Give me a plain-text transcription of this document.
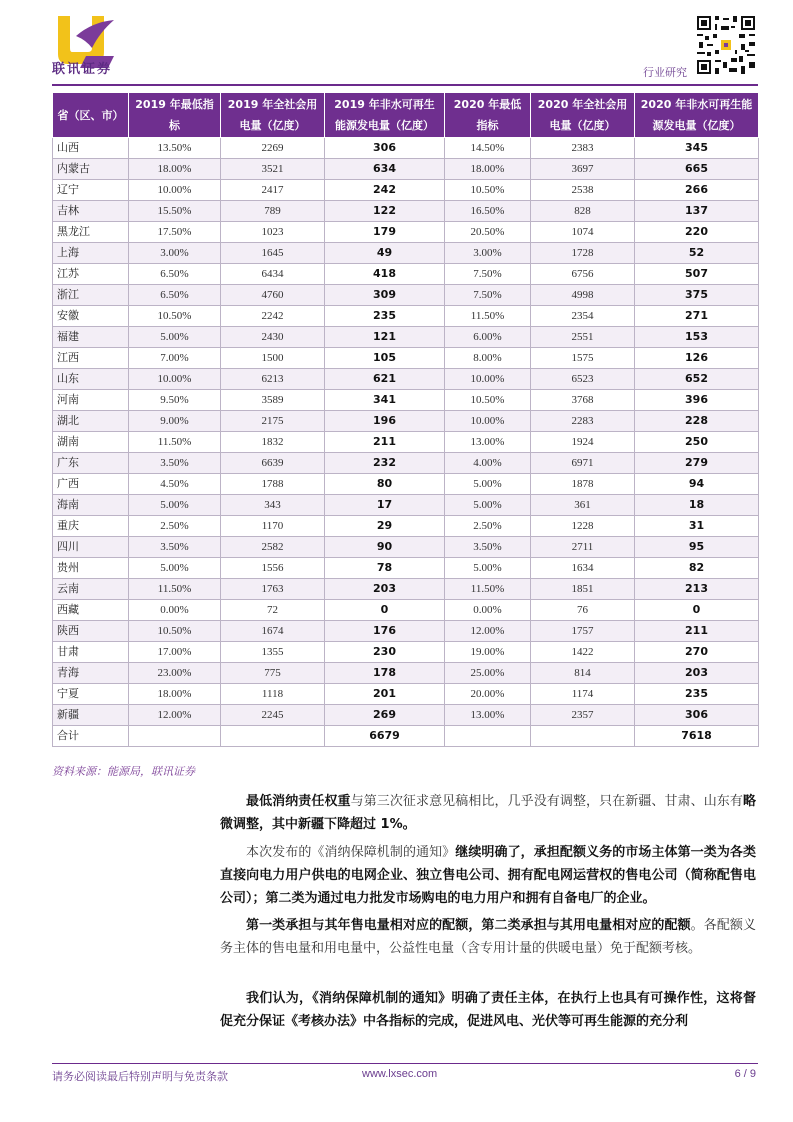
联讯证券	行业研究
省（区、市）	2019 年最低指标	2019 年全社会用电量（亿度）	2019 年非水可再生能源发电量（亿度）	2020 年最低指标	2020 年全社会用电量（亿度）	2020 年非水可再生能源发电量（亿度）
山西	13.50%	2269	306	14.50%	2383	345
内蒙古	18.00%	3521	634	18.00%	3697	665
辽宁	10.00%	2417	242	10.50%	2538	266
吉林	15.50%	789	122	16.50%	828	137
黑龙江	17.50%	1023	179	20.50%	1074	220
上海	3.00%	1645	49	3.00%	1728	52
江苏	6.50%	6434	418	7.50%	6756	507
浙江	6.50%	4760	309	7.50%	4998	375
安徽	10.50%	2242	235	11.50%	2354	271
福建	5.00%	2430	121	6.00%	2551	153
江西	7.00%	1500	105	8.00%	1575	126
山东	10.00%	6213	621	10.00%	6523	652
河南	9.50%	3589	341	10.50%	3768	396
湖北	9.00%	2175	196	10.00%	2283	228
湖南	11.50%	1832	211	13.00%	1924	250
广东	3.50%	6639	232	4.00%	6971	279
广西	4.50%	1788	80	5.00%	1878	94
海南	5.00%	343	17	5.00%	361	18
重庆	2.50%	1170	29	2.50%	1228	31
四川	3.50%	2582	90	3.50%	2711	95
贵州	5.00%	1556	78	5.00%	1634	82
云南	11.50%	1763	203	11.50%	1851	213
西藏	0.00%	72	0	0.00%	76	0
陕西	10.50%	1674	176	12.00%	1757	211
甘肃	17.00%	1355	230	19.00%	1422	270
青海	23.00%	775	178	25.00%	814	203
宁夏	18.00%	1118	201	20.00%	1174	235
新疆	12.00%	2245	269	13.00%	2357	306
合计			6679			7618
资料来源：能源局，联讯证券

最低消纳责任权重与第三次征求意见稿相比，几乎没有调整，只在新疆、甘肃、山东有略微调整，其中新疆下降超过 1%。

本次发布的《消纳保障机制的通知》继续明确了，承担配额义务的市场主体第一类为各类直接向电力用户供电的电网企业、独立售电公司、拥有配电网运营权的售电公司（简称配售电公司）；第二类为通过电力批发市场购电的电力用户和拥有自备电厂的企业。

第一类承担与其年售电量相对应的配额，第二类承担与其用电量相对应的配额。各配额义务主体的售电量和用电量中，公益性电量（含专用计量的供暖电量）免于配额考核。

我们认为，《消纳保障机制的通知》明确了责任主体，在执行上也具有可操作性，这将督促充分保证《考核办法》中各指标的完成，促进风电、光伏等可再生能源的充分利

请务必阅读最后特别声明与免责条款	www.lxsec.com	6 / 9
